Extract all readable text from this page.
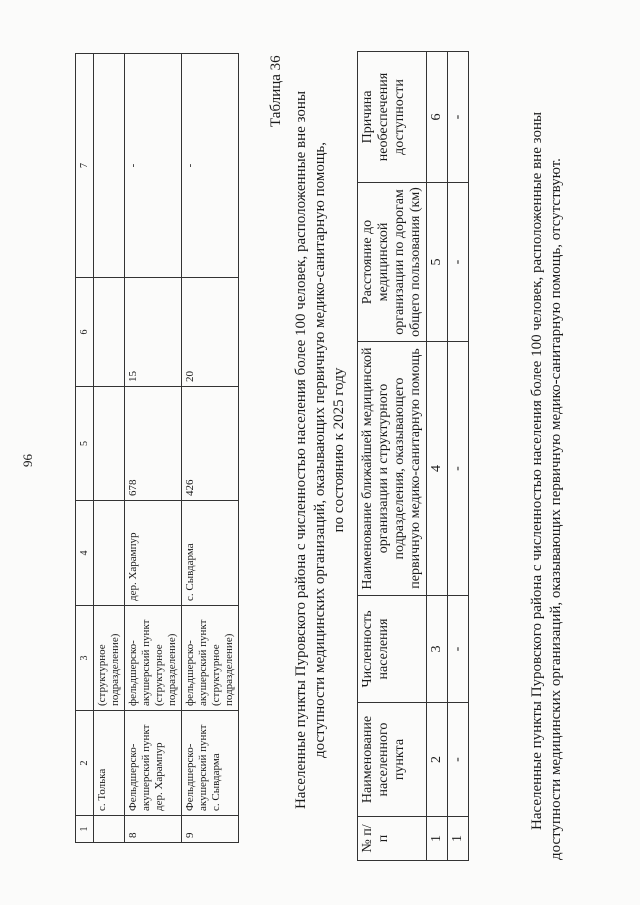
1	2	3	4	5	6	7
	с. Толька	(структурное подразделение)				
8	Фельдшерско-акушерский пункт дер. Харампур	фельдшерско-акушерский пункт (структурное подразделение)	дер. Харампур	678	15	-
9	Фельдшерско-акушерский пункт с. Сывдарма	фельдшерско-акушерский пункт (структурное подразделение)	с. Сывдарма	426	20	-
96
Таблица 36 Населенные пункты Пуровского района с численностью населения более 100 человек, расположенные вне зоны доступности медицинских организаций, оказывающих первичную медико-санитарную помощь, по состоянию к 2025 году
№ п/п	Наименование населенного пункта	Численность населения	Наименование ближайшей медицинской организации и структурного подразделения, оказывающего первичную медико-санитарную помощь	Расстояние до медицинской организации по дорогам общего пользования (км)	Причина необеспечения доступности
1	2	3	4	5	6
1	-	-	-	-	-	Населенные пункты Пуровского района с численностью населения более 100 человек, расположенные вне зоны доступности медицинских организаций, оказывающих первичную медико-санитарную помощь, отсутствуют.
